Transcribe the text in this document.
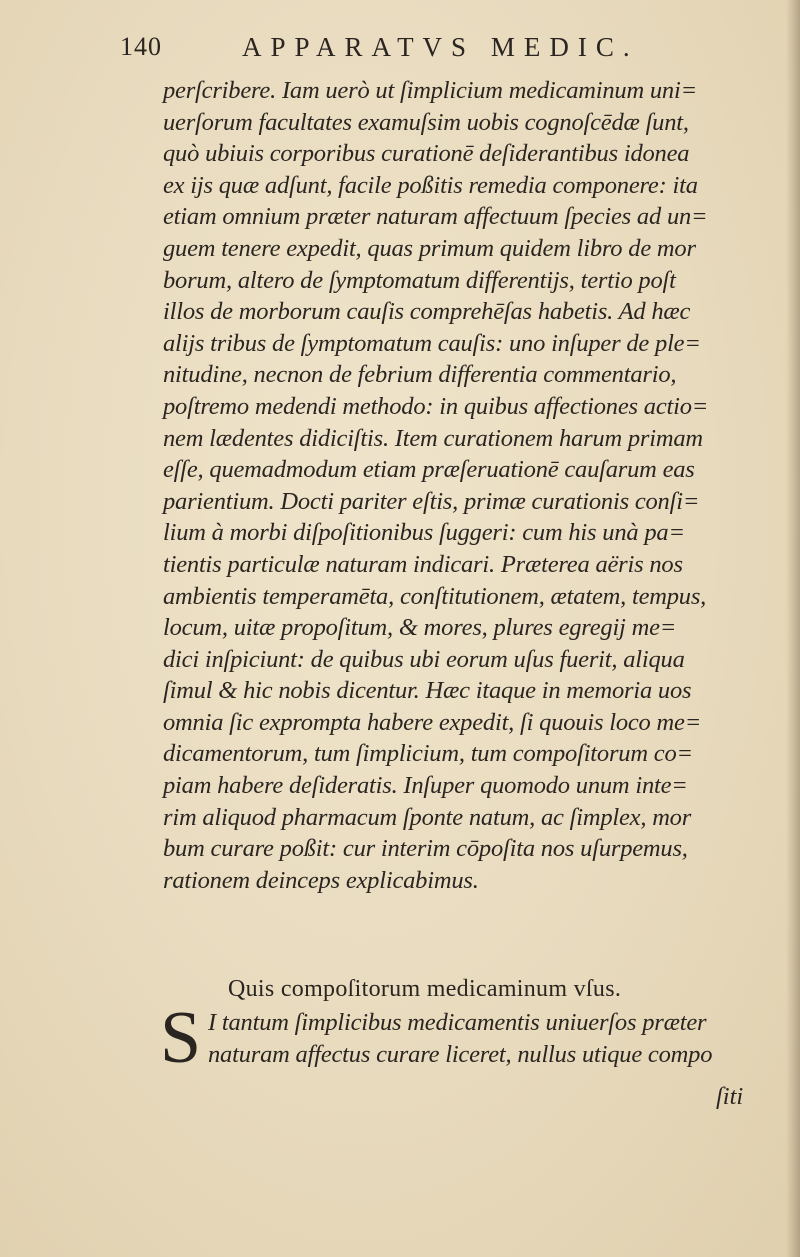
140	APPARATVS MEDIC.
perſcribere. Iam uerò ut ſimplicium medicaminum uni=
uerſorum facultates examuſsim uobis cognoſcēdæ ſunt,
quò ubiuis corporibus curationē deſiderantibus idonea
ex ijs quæ adſunt, facile poßitis remedia componere: ita
etiam omnium præter naturam affectuum ſpecies ad un=
guem tenere expedit, quas primum quidem libro de mor
borum, altero de ſymptomatum differentijs, tertio poſt
illos de morborum cauſis comprehēſas habetis. Ad hæc
alijs tribus de ſymptomatum cauſis: uno inſuper de ple=
nitudine, necnon de febrium differentia commentario,
poſtremo medendi methodo: in quibus affectiones actio=
nem lædentes didiciſtis. Item curationem harum primam
eſſe, quemadmodum etiam præſeruationē cauſarum eas
parientium. Docti pariter eſtis, primæ curationis conſi=
lium à morbi diſpoſitionibus ſuggeri: cum his unà pa=
tientis particulæ naturam indicari. Præterea aëris nos
ambientis temperamēta, conſtitutionem, ætatem, tempus,
locum, uitæ propoſitum, & mores, plures egregij me=
dici inſpiciunt: de quibus ubi eorum uſus fuerit, aliqua
ſimul & hic nobis dicentur. Hæc itaque in memoria uos
omnia ſic exprompta habere expedit, ſi quouis loco me=
dicamentorum, tum ſimplicium, tum compoſitorum co=
piam habere deſideratis. Inſuper quomodo unum inte=
rim aliquod pharmacum ſponte natum, ac ſimplex, mor
bum curare poßit: cur interim cōpoſita nos uſurpemus,
rationem deinceps explicabimus.
Quis compoſitorum medicaminum vſus.
S I tantum ſimplicibus medicamentis uniuerſos præter
naturam affectus curare liceret, nullus utique compo
ſiti
